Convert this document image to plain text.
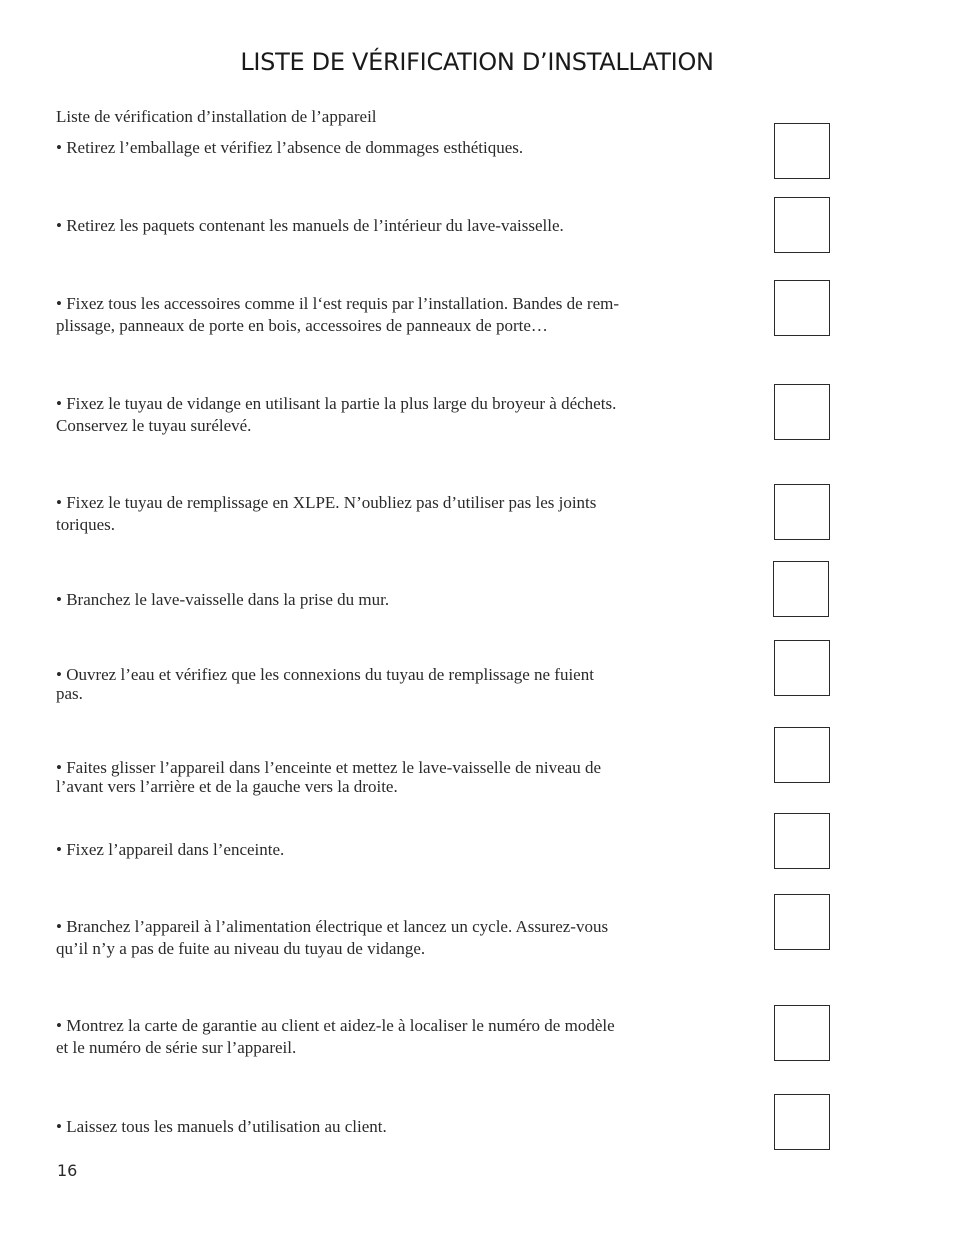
LISTE DE VÉRIFICATION D’INSTALLATION
Liste de vérification d’installation de l’appareil
• Retirez l’emballage et vérifiez l’absence de dommages esthétiques.
• Retirez les paquets contenant les manuels de l’intérieur du lave-vaisselle.
• Fixez tous les accessoires comme il l‘est requis par l’installation. Bandes de rem-
plissage, panneaux de porte en bois, accessoires de panneaux de porte…
• Fixez le tuyau de vidange en utilisant la partie la plus large du broyeur à déchets.
Conservez le tuyau surélevé.
• Fixez le tuyau de remplissage en XLPE. N’oubliez pas d’utiliser pas les joints
toriques.
• Branchez le lave-vaisselle dans la prise du mur.
• Ouvrez l’eau et vérifiez que les connexions du tuyau de remplissage ne fuient
pas.
• Faites glisser l’appareil dans l’enceinte et mettez le lave-vaisselle de niveau de
l’avant vers l’arrière et de la gauche vers la droite.
• Fixez l’appareil dans l’enceinte.
• Branchez l’appareil à l’alimentation électrique et lancez un cycle. Assurez-vous
qu’il n’y a pas de fuite au niveau du tuyau de vidange.
• Montrez la carte de garantie au client et aidez-le à localiser le numéro de modèle
et le numéro de série sur l’appareil.
• Laissez tous les manuels d’utilisation au client.
16
